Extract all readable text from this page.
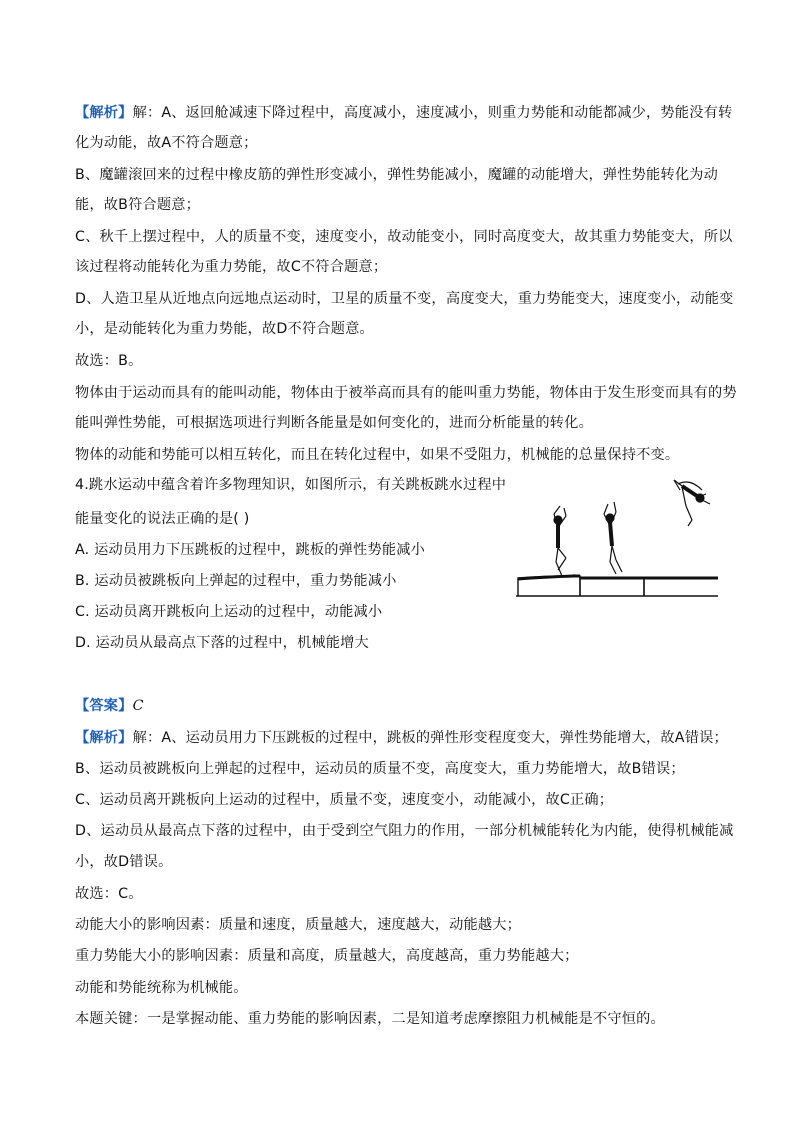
【解析】解：A、返回舱减速下降过程中，高度减小，速度减小，则重力势能和动能都减少，势能没有转
化为动能，故A不符合题意；
B、魔罐滚回来的过程中橡皮筋的弹性形变减小，弹性势能减小，魔罐的动能增大，弹性势能转化为动
能，故B符合题意；
C、秋千上摆过程中，人的质量不变，速度变小，故动能变小，同时高度变大，故其重力势能变大，所以
该过程将动能转化为重力势能，故C不符合题意；
D、人造卫星从近地点向远地点运动时，卫星的质量不变，高度变大，重力势能变大，速度变小，动能变
小，是动能转化为重力势能，故D不符合题意。
故选：B。
物体由于运动而具有的能叫动能，物体由于被举高而具有的能叫重力势能，物体由于发生形变而具有的势
能叫弹性势能，可根据选项进行判断各能量是如何变化的，进而分析能量的转化。
物体的动能和势能可以相互转化，而且在转化过程中，如果不受阻力，机械能的总量保持不变。
4.跳水运动中蕴含着许多物理知识，如图所示，有关跳板跳水过程中
能量变化的说法正确的是( )
A. 运动员用力下压跳板的过程中，跳板的弹性势能减小
B. 运动员被跳板向上弹起的过程中，重力势能减小
C. 运动员离开跳板向上运动的过程中，动能减小
D. 运动员从最高点下落的过程中，机械能增大
【答案】C
【解析】解：A、运动员用力下压跳板的过程中，跳板的弹性形变程度变大，弹性势能增大，故A错误；
B、运动员被跳板向上弹起的过程中，运动员的质量不变，高度变大，重力势能增大，故B错误；
C、运动员离开跳板向上运动的过程中，质量不变，速度变小，动能减小，故C正确；
D、运动员从最高点下落的过程中，由于受到空气阻力的作用，一部分机械能转化为内能，使得机械能减
小，故D错误。
故选：C。
动能大小的影响因素：质量和速度，质量越大，速度越大，动能越大；
重力势能大小的影响因素：质量和高度，质量越大，高度越高，重力势能越大；
动能和势能统称为机械能。
本题关键：一是掌握动能、重力势能的影响因素，二是知道考虑摩擦阻力机械能是不守恒的。
